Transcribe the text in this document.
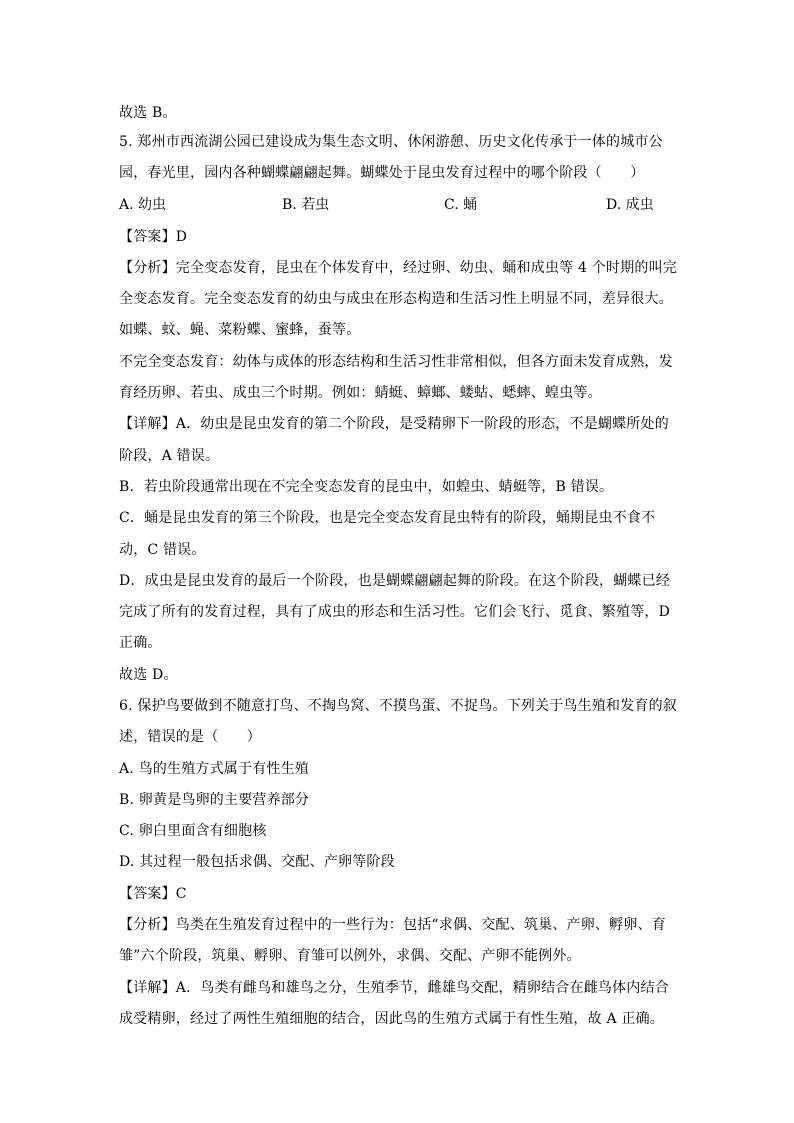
故选 B。
5. 郑州市西流湖公园已建设成为集生态文明、休闲游憩、历史文化传承于一体的城市公
园，春光里，园内各种蝴蝶翩翩起舞。蝴蝶处于昆虫发育过程中的哪个阶段（　　）
A. 幼虫	B. 若虫	C. 蛹	D. 成虫
【答案】D
【分析】完全变态发育，昆虫在个体发育中，经过卵、幼虫、蛹和成虫等 4 个时期的叫完
全变态发育。完全变态发育的幼虫与成虫在形态构造和生活习性上明显不同，差异很大。
如蝶、蚊、蝇、菜粉蝶、蜜蜂，蚕等。
不完全变态发育：幼体与成体的形态结构和生活习性非常相似，但各方面未发育成熟，发
育经历卵、若虫、成虫三个时期。例如：蜻蜓、蟑螂、蝼蛄、蟋蟀、蝗虫等。
【详解】A．幼虫是昆虫发育的第二个阶段，是受精卵下一阶段的形态，不是蝴蝶所处的
阶段，A 错误。
B．若虫阶段通常出现在不完全变态发育的昆虫中，如蝗虫、蜻蜓等，B 错误。
C．蛹是昆虫发育的第三个阶段，也是完全变态发育昆虫特有的阶段，蛹期昆虫不食不
动，C 错误。
D．成虫是昆虫发育的最后一个阶段，也是蝴蝶翩翩起舞的阶段。在这个阶段，蝴蝶已经
完成了所有的发育过程，具有了成虫的形态和生活习性。它们会飞行、觅食、繁殖等，D
正确。
故选 D。
6. 保护鸟要做到不随意打鸟、不掏鸟窝、不摸鸟蛋、不捉鸟。下列关于鸟生殖和发育的叙
述，错误的是（　　）
A. 鸟的生殖方式属于有性生殖
B. 卵黄是鸟卵的主要营养部分
C. 卵白里面含有细胞核
D. 其过程一般包括求偶、交配、产卵等阶段
【答案】C
【分析】鸟类在生殖发育过程中的一些行为：包括“求偶、交配、筑巢、产卵、孵卵、育
雏”六个阶段，筑巢、孵卵、育雏可以例外，求偶、交配、产卵不能例外。
【详解】A．鸟类有雌鸟和雄鸟之分，生殖季节，雌雄鸟交配，精卵结合在雌鸟体内结合
成受精卵，经过了两性生殖细胞的结合，因此鸟的生殖方式属于有性生殖，故 A 正确。
